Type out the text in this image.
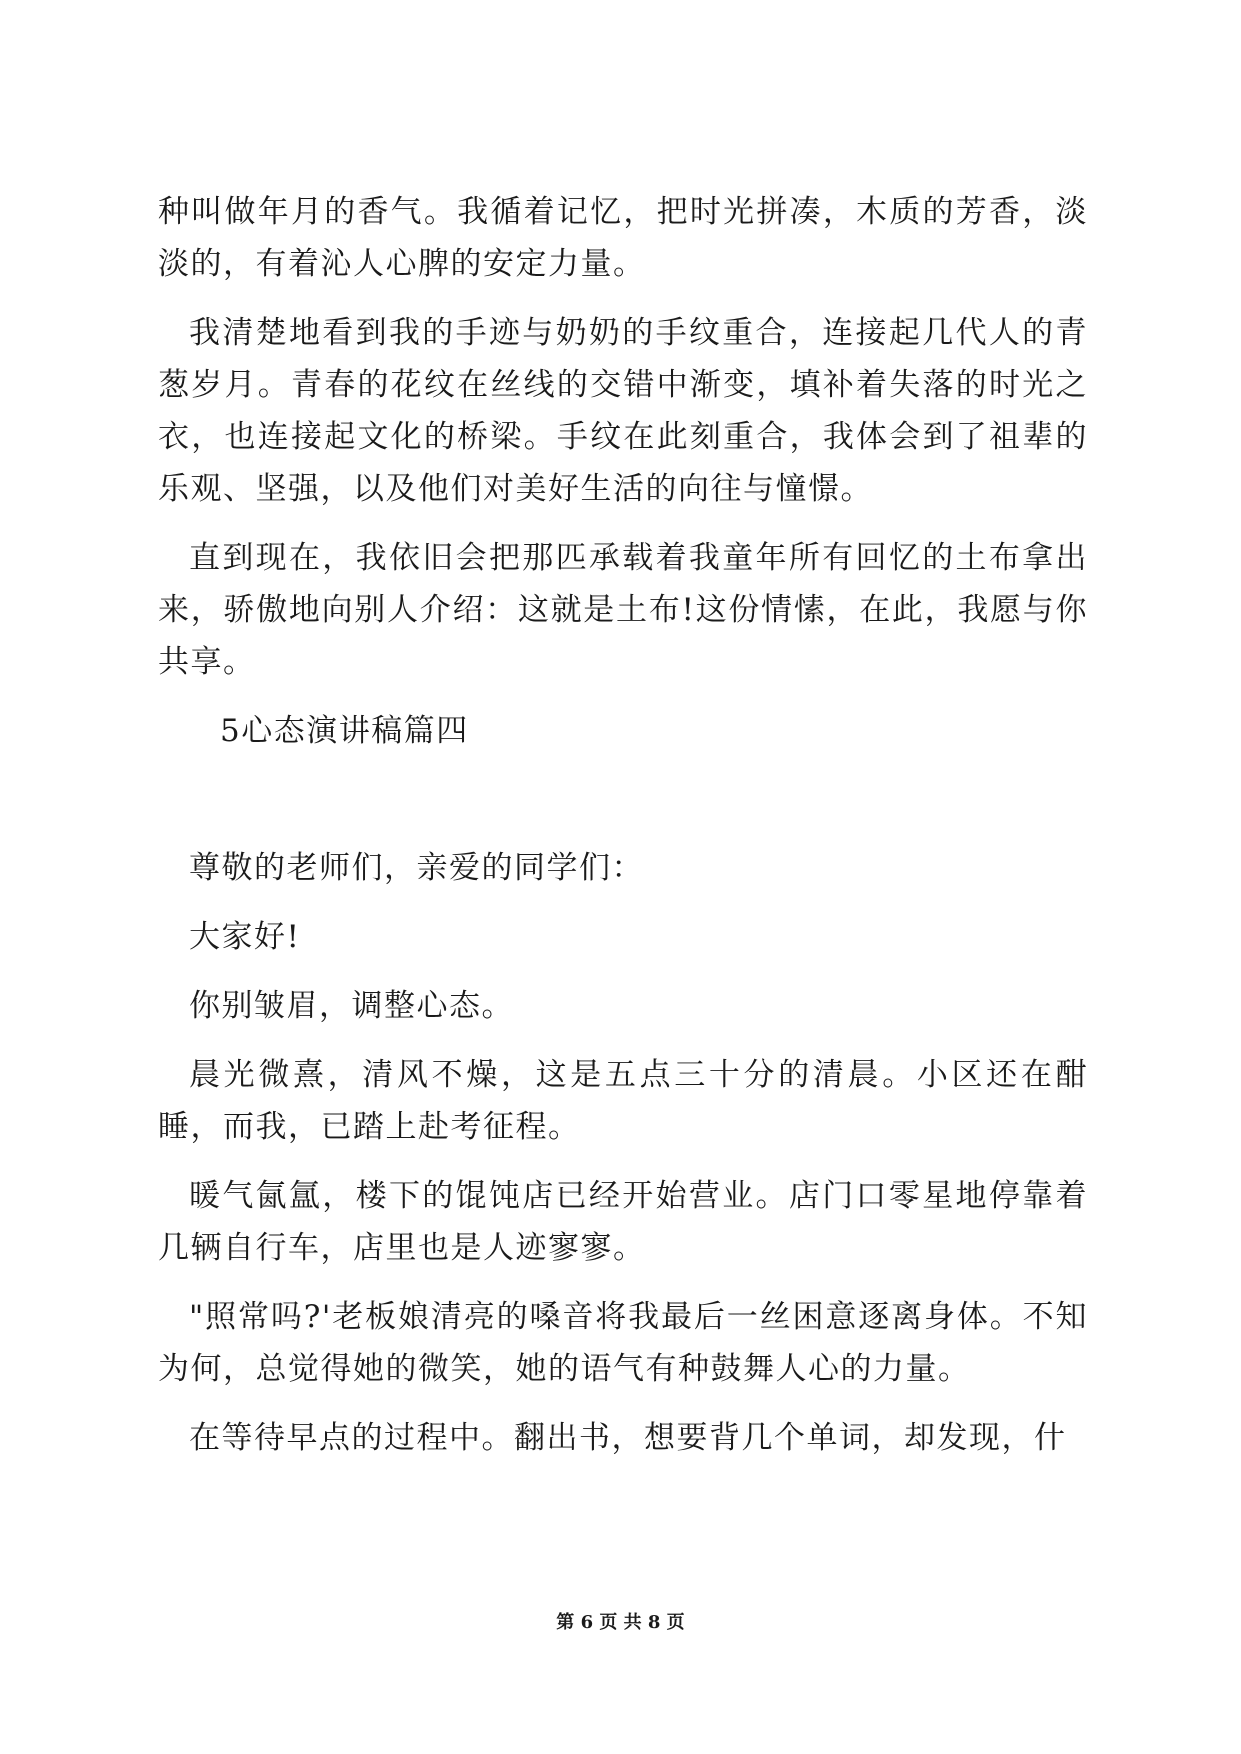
种叫做年月的香气。我循着记忆，把时光拼凑，木质的芳香，淡淡的，有着沁人心脾的安定力量。

我清楚地看到我的手迹与奶奶的手纹重合，连接起几代人的青葱岁月。青春的花纹在丝线的交错中渐变，填补着失落的时光之衣，也连接起文化的桥梁。手纹在此刻重合，我体会到了祖辈的乐观、坚强，以及他们对美好生活的向往与憧憬。

直到现在，我依旧会把那匹承载着我童年所有回忆的土布拿出来，骄傲地向别人介绍：这就是土布!这份情愫，在此，我愿与你共享。

5心态演讲稿篇四

尊敬的老师们，亲爱的同学们：

大家好!

你别皱眉，调整心态。

晨光微熹，清风不燥，这是五点三十分的清晨。小区还在酣睡，而我，已踏上赴考征程。

暖气氤氲，楼下的馄饨店已经开始营业。店门口零星地停靠着几辆自行车，店里也是人迹寥寥。

"照常吗?'老板娘清亮的嗓音将我最后一丝困意逐离身体。不知为何，总觉得她的微笑，她的语气有种鼓舞人心的力量。

在等待早点的过程中。翻出书，想要背几个单词，却发现，什

第 6 页 共 8 页
